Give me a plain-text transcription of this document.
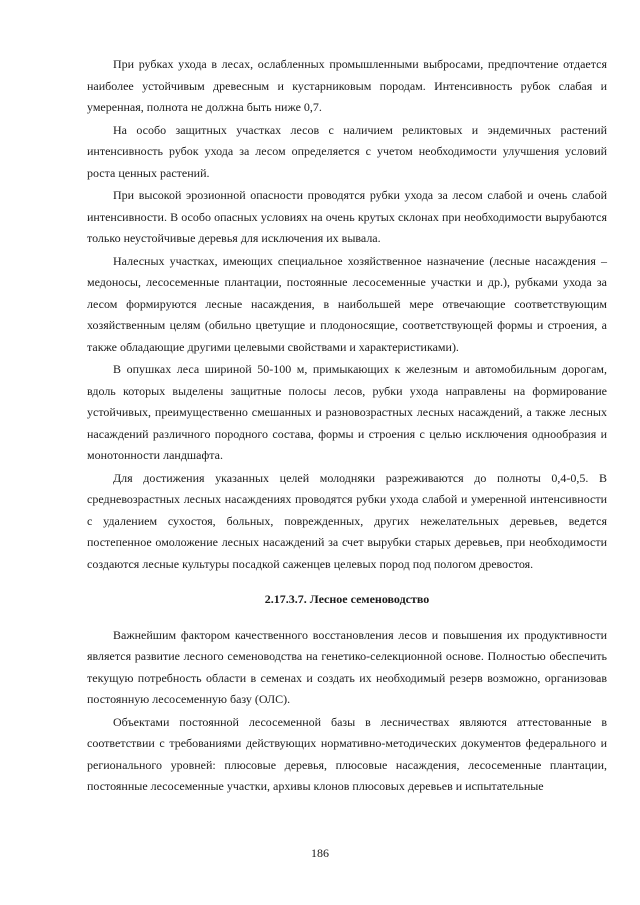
При рубках ухода в лесах, ослабленных промышленными выбросами, предпочтение отдается наиболее устойчивым древесным и кустарниковым породам. Интенсивность рубок слабая и умеренная, полнота не должна быть ниже 0,7.

На особо защитных участках лесов с наличием реликтовых и эндемичных растений интенсивность рубок ухода за лесом определяется с учетом необходимости улучшения условий роста ценных растений.

При высокой эрозионной опасности проводятся рубки ухода за лесом слабой и очень слабой интенсивности. В особо опасных условиях на очень крутых склонах при необходимости вырубаются только неустойчивые деревья для исключения их вывала.

Налесных участках, имеющих специальное хозяйственное назначение (лесные насаждения – медоносы, лесосеменные плантации, постоянные лесосеменные участки и др.), рубками ухода за лесом формируются лесные насаждения, в наибольшей мере отвечающие соответствующим хозяйственным целям (обильно цветущие и плодоносящие, соответствующей формы и строения, а также обладающие другими целевыми свойствами и характеристиками).

В опушках леса шириной 50-100 м, примыкающих к железным и автомобильным дорогам, вдоль которых выделены защитные полосы лесов, рубки ухода направлены на формирование устойчивых, преимущественно смешанных и разновозрастных лесных насаждений, а также лесных насаждений различного породного состава, формы и строения с целью исключения однообразия и монотонности ландшафта.

Для достижения указанных целей молодняки разреживаются до полноты 0,4-0,5. В средневозрастных лесных насаждениях проводятся рубки ухода слабой и умеренной интенсивности с удалением сухостоя, больных, поврежденных, других нежелательных деревьев, ведется постепенное омоложение лесных насаждений за счет вырубки старых деревьев, при необходимости создаются лесные культуры посадкой саженцев целевых пород под пологом древостоя.

2.17.3.7. Лесное семеноводство

Важнейшим фактором качественного восстановления лесов и повышения их продуктивности является развитие лесного семеноводства на генетико-селекционной основе. Полностью обеспечить текущую потребность области в семенах и создать их необходимый резерв возможно, организовав постоянную лесосеменную базу (ОЛС).

Объектами постоянной лесосеменной базы в лесничествах являются аттестованные в соответствии с требованиями действующих нормативно-методических документов федерального и регионального уровней: плюсовые деревья, плюсовые насаждения, лесосеменные плантации, постоянные лесосеменные участки, архивы клонов плюсовых деревьев и испытательные

186
